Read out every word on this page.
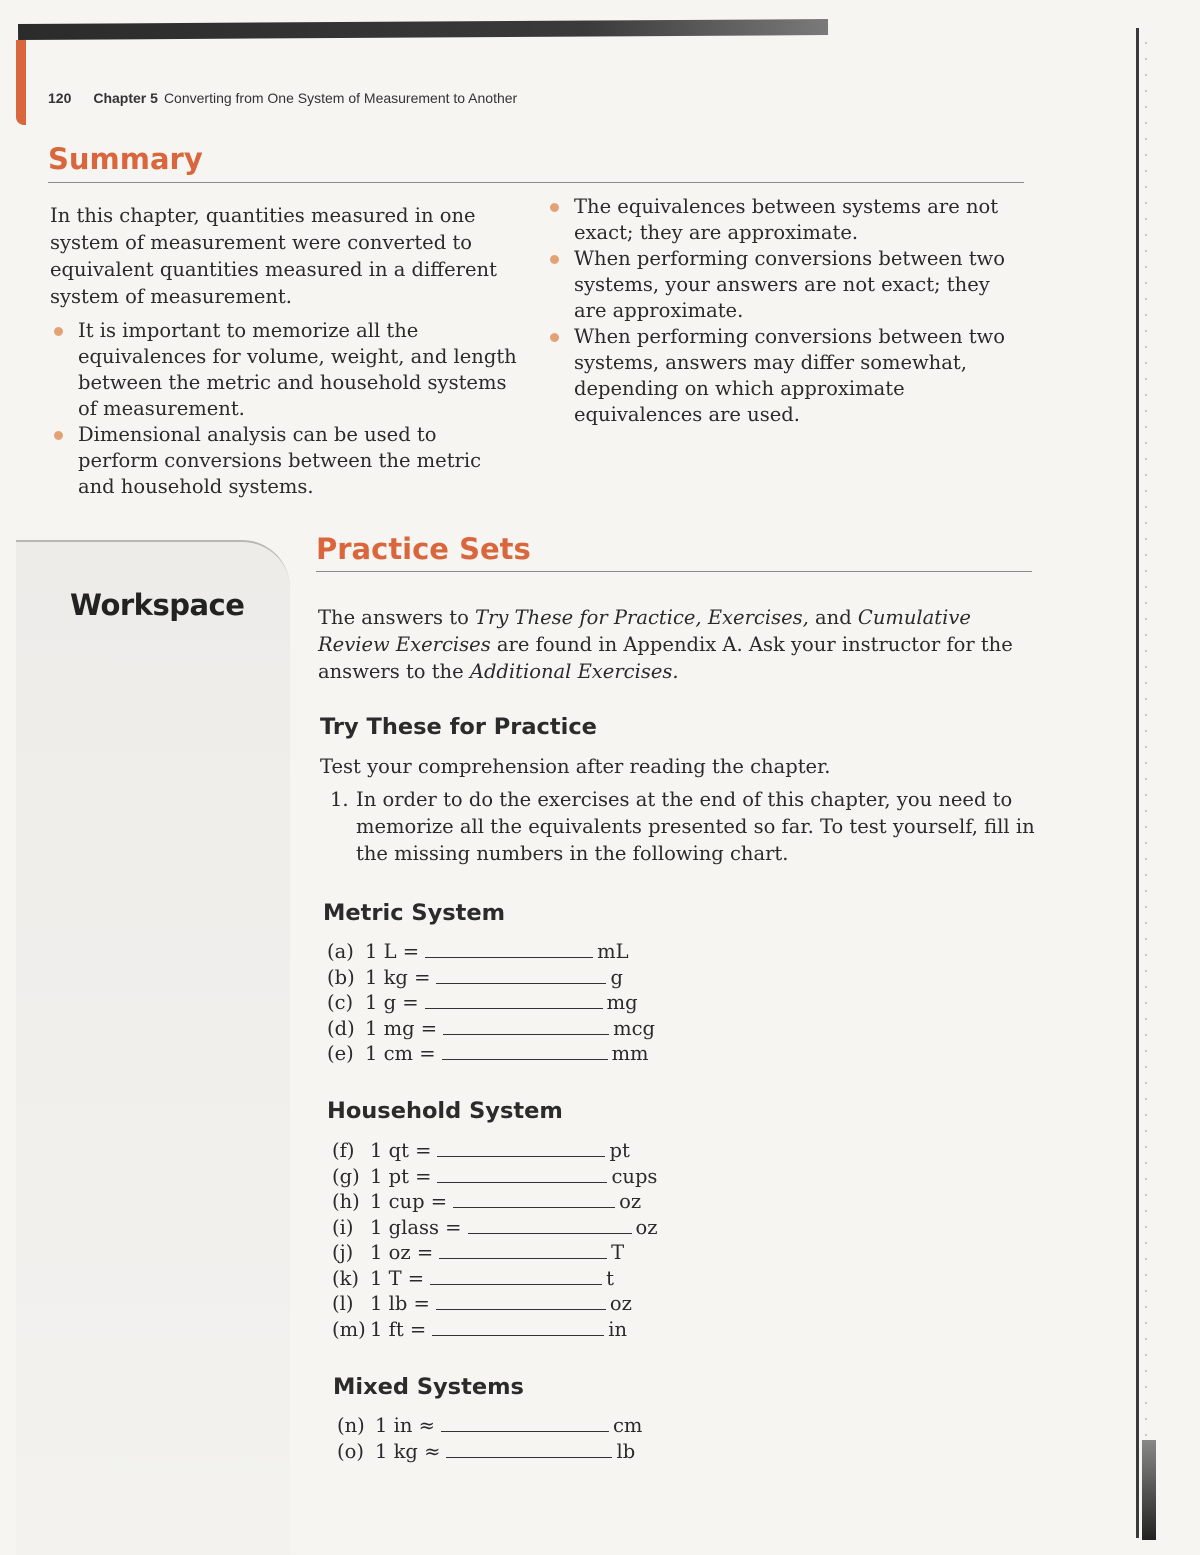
120 Chapter 5 Converting from One System of Measurement to Another
Summary
In this chapter, quantities measured in one system of measurement were converted to equivalent quantities measured in a different system of measurement.
It is important to memorize all the equivalences for volume, weight, and length between the metric and household systems of measurement.
Dimensional analysis can be used to perform conversions between the metric and household systems.
The equivalences between systems are not exact; they are approximate.
When performing conversions between two systems, your answers are not exact; they are approximate.
When performing conversions between two systems, answers may differ somewhat, depending on which approximate equivalences are used.
Workspace
Practice Sets
The answers to Try These for Practice, Exercises, and Cumulative Review Exercises are found in Appendix A. Ask your instructor for the answers to the Additional Exercises.
Try These for Practice
Test your comprehension after reading the chapter.
1. In order to do the exercises at the end of this chapter, you need to memorize all the equivalents presented so far. To test yourself, fill in the missing numbers in the following chart.
Metric System
(a) 1 L =	mL
(b) 1 kg =	g
(c) 1 g =	mg
(d) 1 mg =	mcg
(e) 1 cm =	mm
Household System
(f) 1 qt =	pt
(g) 1 pt =	cups
(h) 1 cup =	oz
(i) 1 glass =	oz
(j) 1 oz =	T
(k) 1 T =	t
(l) 1 lb =	oz
(m) 1 ft =	in
Mixed Systems
(n) 1 in ≈	cm
(o) 1 kg ≈	lb
